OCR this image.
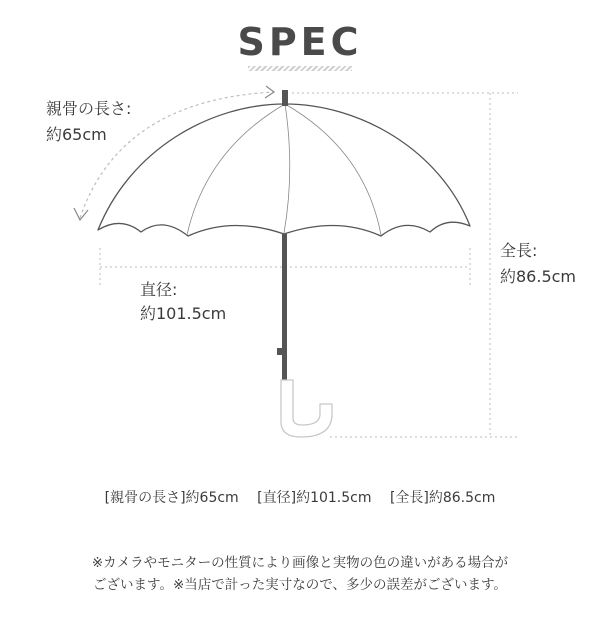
SPEC
親骨の長さ:
約65cm
直径:
約101.5cm
全長:
約86.5cm
[親骨の長さ]約65cm [直径]約101.5cm [全長]約86.5cm
※カメラやモニターの性質により画像と実物の色の違いがある場合が
ございます。※当店で計った実寸なので、多少の誤差がございます。
